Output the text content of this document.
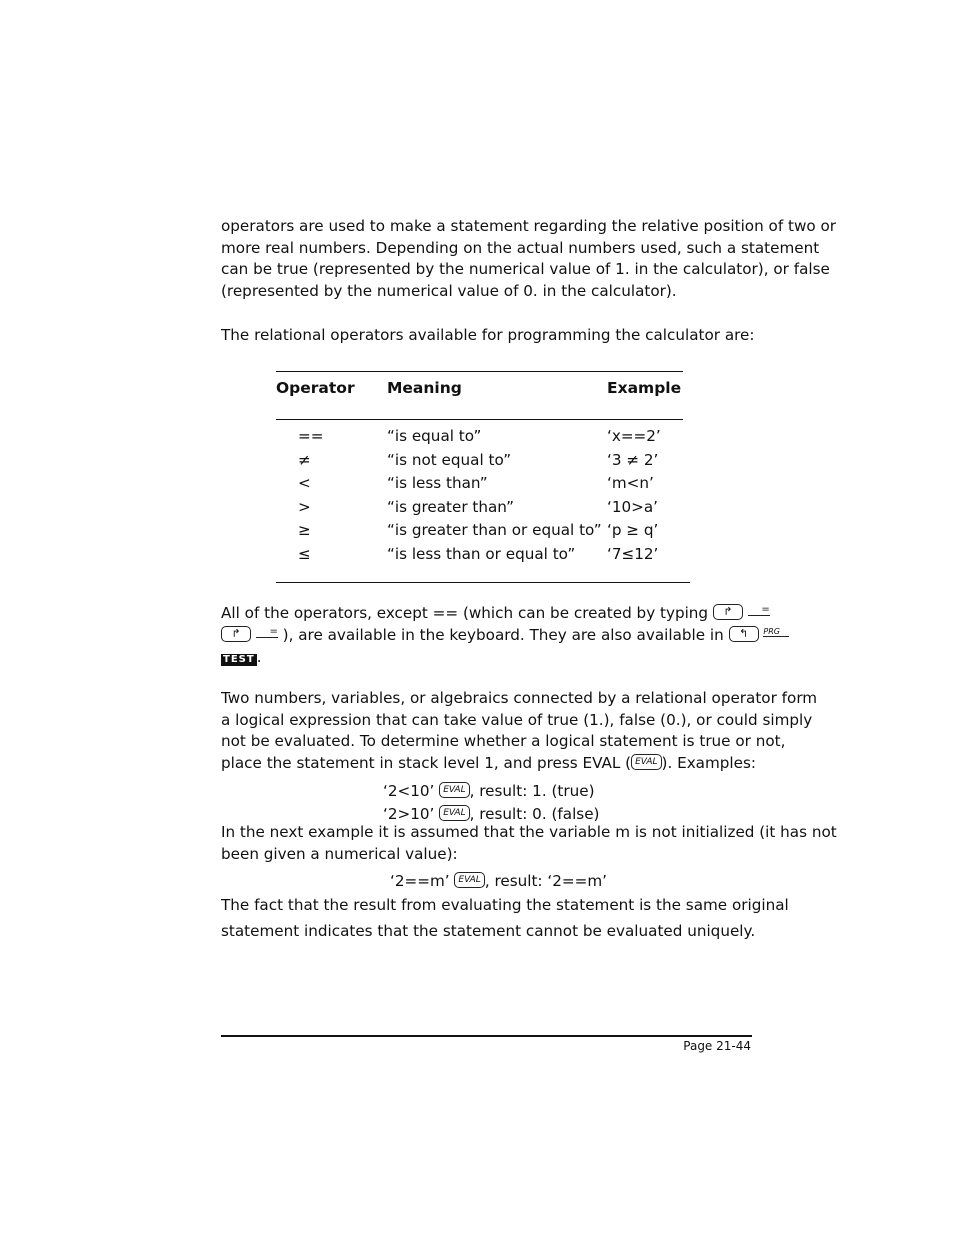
operators are used to make a statement regarding the relative position of two or
more real numbers. Depending on the actual numbers used, such a statement
can be true (represented by the numerical value of 1. in the calculator), or false
(represented by the numerical value of 0. in the calculator).
The relational operators available for programming the calculator are:
Operator Meaning	Example
==	“is equal to”	‘x==2’
≠	“is not equal to”	‘3 ≠ 2’
<	“is less than”	‘m<n’
>	“is greater than”	‘10>a’
≥	“is greater than or equal to” ‘p ≥ q’
≤	“is less than or equal to” ‘7≤12’
All of the operators, except == (which can be created by typing ↱	=
↱	= ), are available in the keyboard. They are also available in ↰ PRG
TEST .
Two numbers, variables, or algebraics connected by a relational operator form
a logical expression that can take value of true (1.), false (0.), or could simply
not be evaluated. To determine whether a logical statement is true or not,
place the statement in stack level 1, and press EVAL ( EVAL ). Examples:
‘2<10’ EVAL , result: 1. (true)
‘2>10’ EVAL , result: 0. (false)
In the next example it is assumed that the variable m is not initialized (it has not
been given a numerical value):
‘2==m’ EVAL , result: ‘2==m’
The fact that the result from evaluating the statement is the same original
statement indicates that the statement cannot be evaluated uniquely.
Page 21-44
